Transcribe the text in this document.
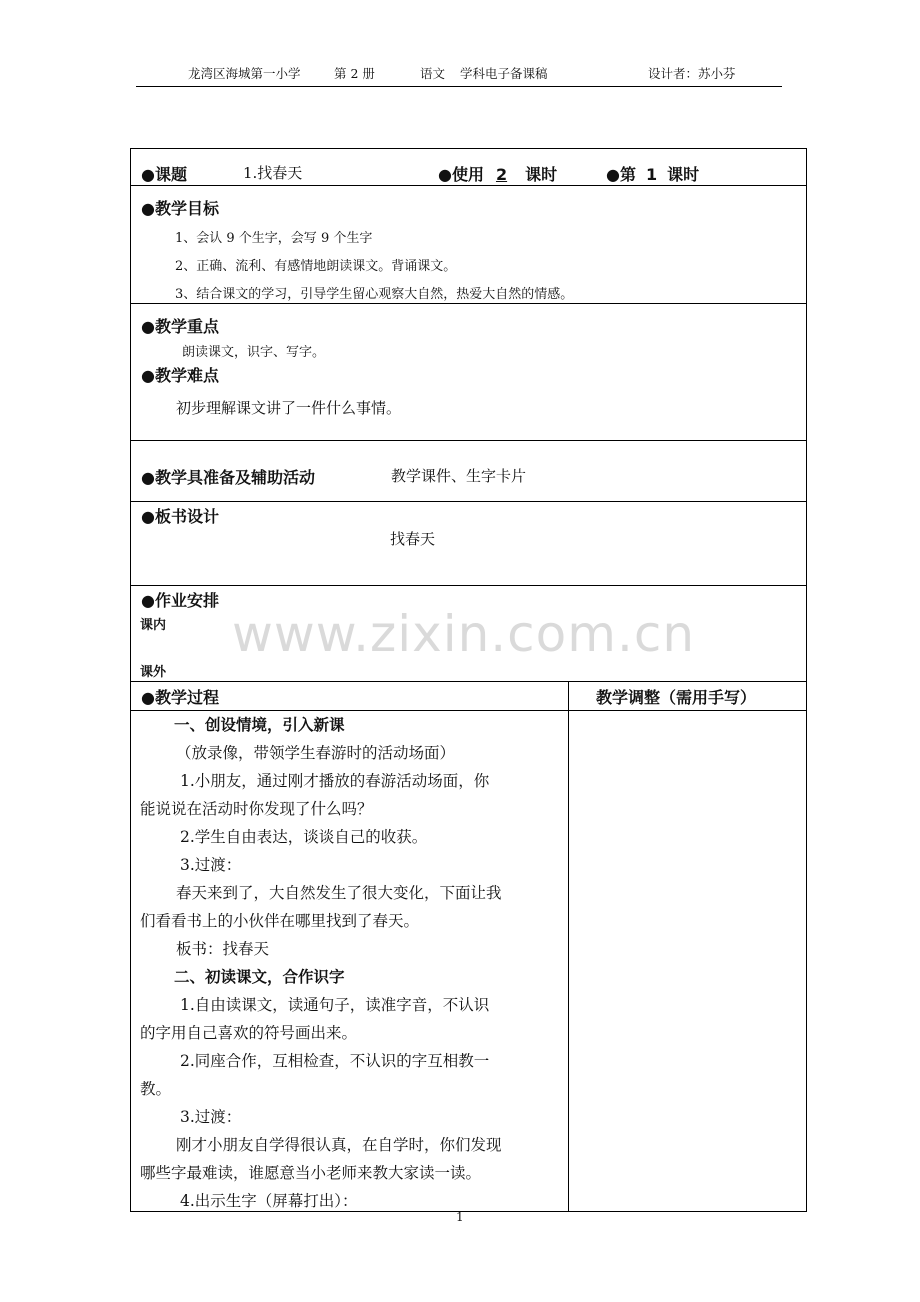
龙湾区海城第一小学	第 2 册	语文 学科电子备课稿	设计者：苏小芬
●课题	1.找春天	●使用 2 课时	●第 1 课时
●教学目标
1、会认 9 个生字，会写 9 个生字
2、正确、流利、有感情地朗读课文。背诵课文。
3、结合课文的学习，引导学生留心观察大自然，热爱大自然的情感。
●教学重点
朗读课文，识字、写字。
●教学难点
初步理解课文讲了一件什么事情。
●教学具准备及辅助活动	教学课件、生字卡片
●板书设计
找春天
●作业安排
课内
课外
●教学过程	教学调整（需用手写）

一、创设情境，引入新课

（放录像，带领学生春游时的活动场面）

1.小朋友，通过刚才播放的春游活动场面，你

能说说在活动时你发现了什么吗？

2.学生自由表达，谈谈自己的收获。

3.过渡：

春天来到了，大自然发生了很大变化，下面让我

们看看书上的小伙伴在哪里找到了春天。

板书：找春天

二、初读课文，合作识字

1.自由读课文，读通句子，读准字音，不认识

的字用自己喜欢的符号画出来。

2.同座合作，互相检查，不认识的字互相教一

教。

3.过渡：

刚才小朋友自学得很认真，在自学时，你们发现

哪些字最难读，谁愿意当小老师来教大家读一读。

4.出示生字（屏幕打出）：

www.zixin.com.cn
1
